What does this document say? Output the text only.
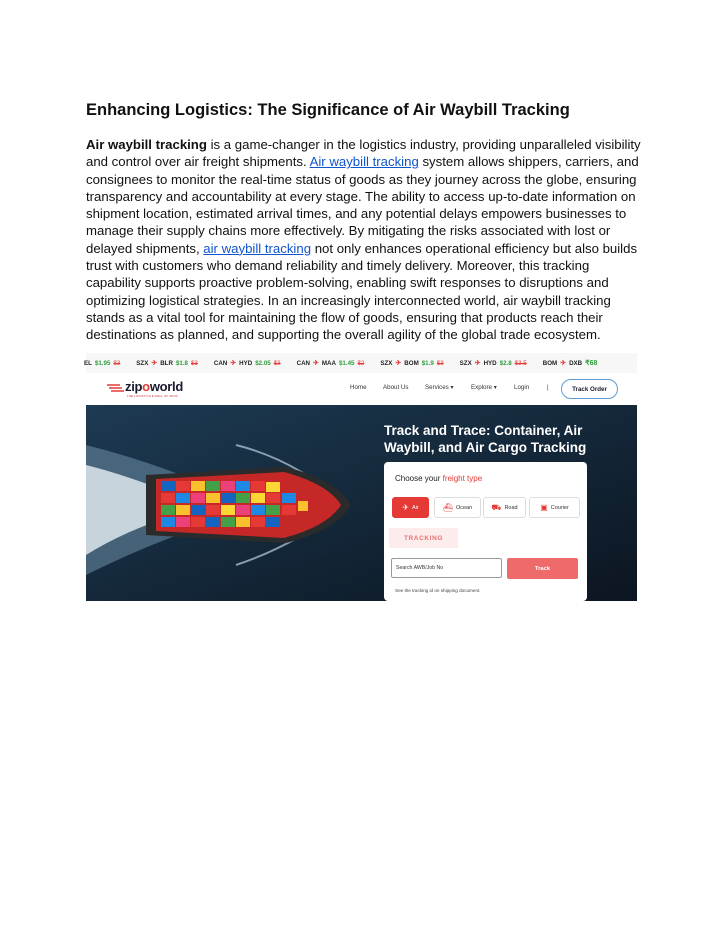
Enhancing Logistics: The Significance of Air Waybill Tracking

Air waybill tracking is a game-changer in the logistics industry, providing unparalleled visibility and control over air freight shipments. Air waybill tracking system allows shippers, carriers, and consignees to monitor the real-time status of goods as they journey across the globe, ensuring transparency and accountability at every stage. The ability to access up-to-date information on shipment location, estimated arrival times, and any potential delays empowers businesses to manage their supply chains more effectively. By mitigating the risks associated with lost or delayed shipments, air waybill tracking not only enhances operational efficiency but also builds trust with customers who demand reliability and timely delivery. Moreover, this tracking capability supports proactive problem-solving, enabling swift responses to disruptions and optimizing logistical strategies. In an increasingly interconnected world, air waybill tracking stands as a vital tool for maintaining the flow of goods, ensuring that products reach their destinations as planned, and supporting the overall agility of the global trade ecosystem.

EL $1.95 $3	SZX ✈ BLR $1.8 $3	CAN ✈ HYD $2.05 $3	CAN ✈ MAA $1.45 $2	SZX ✈ BOM $1.9 $3	SZX ✈ HYD $2.8 $3.5	BOM ✈ DXB ₹68
zipoworld
THE LOGISTICS E-MALL OF INDIA
Home	About Us	Services ▾	Explore ▾	Login	|	Track Order
Track and Trace: Container, Air Waybill, and Air Cargo Tracking
Choose your freight type
✈ Air	⛴ Ocean ⛟ Road	▣ Courier
TRACKING
Search AWB/Job No	Track
See the tracking id on shipping document.
